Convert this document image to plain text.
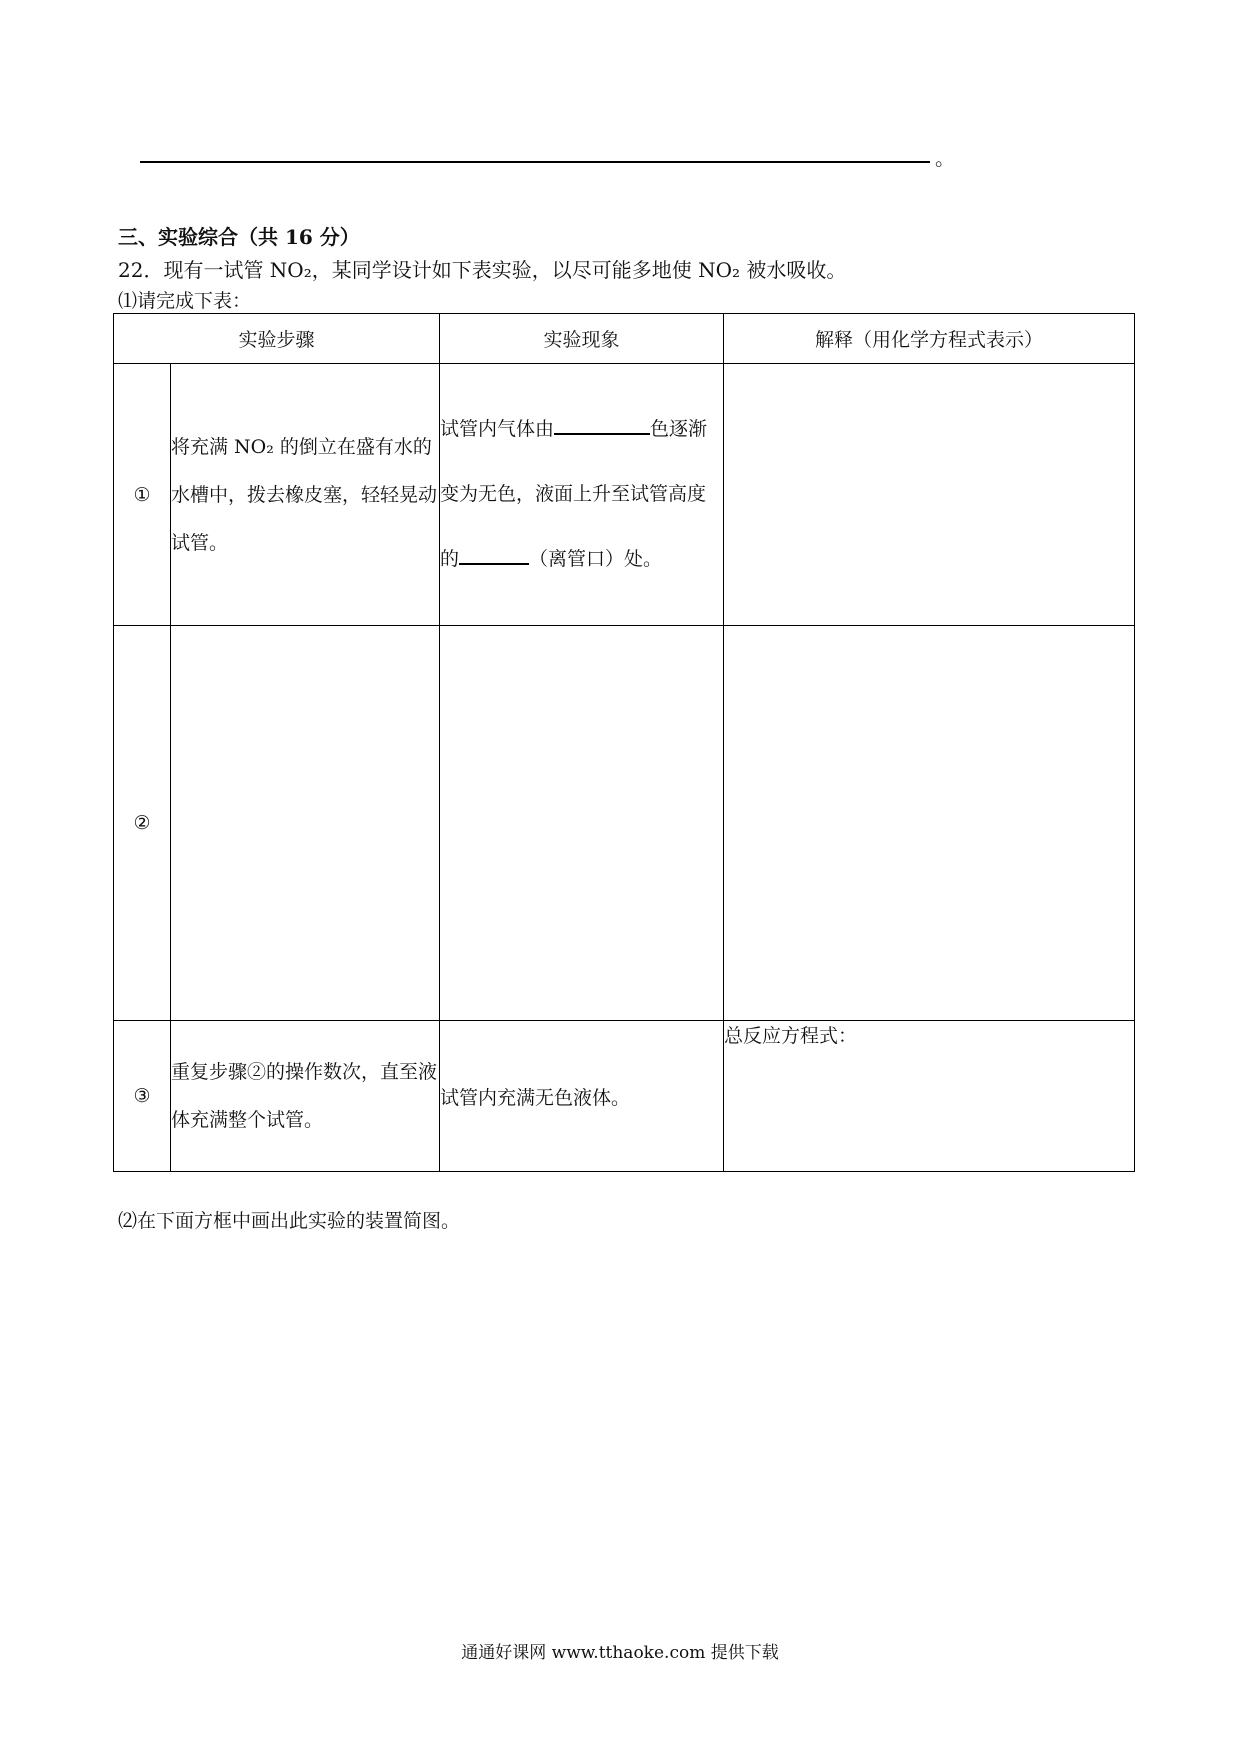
。
三、实验综合（共 16 分）
22．现有一试管 NO₂，某同学设计如下表实验，以尽可能多地使 NO₂ 被水吸收。
⑴请完成下表：
实验步骤		实验现象	解释（用化学方程式表示）
①	将充满 NO₂ 的倒立在盛有水的水槽中，拨去橡皮塞，轻轻晃动试管。	试管内气体由 色逐渐变为无色，液面上升至试管高度的 （离管口）处。	
②			
③	重复步骤②的操作数次，直至液体充满整个试管。	试管内充满无色液体。	总反应方程式：
⑵在下面方框中画出此实验的装置简图。
通通好课网 www.tthaoke.com 提供下载
